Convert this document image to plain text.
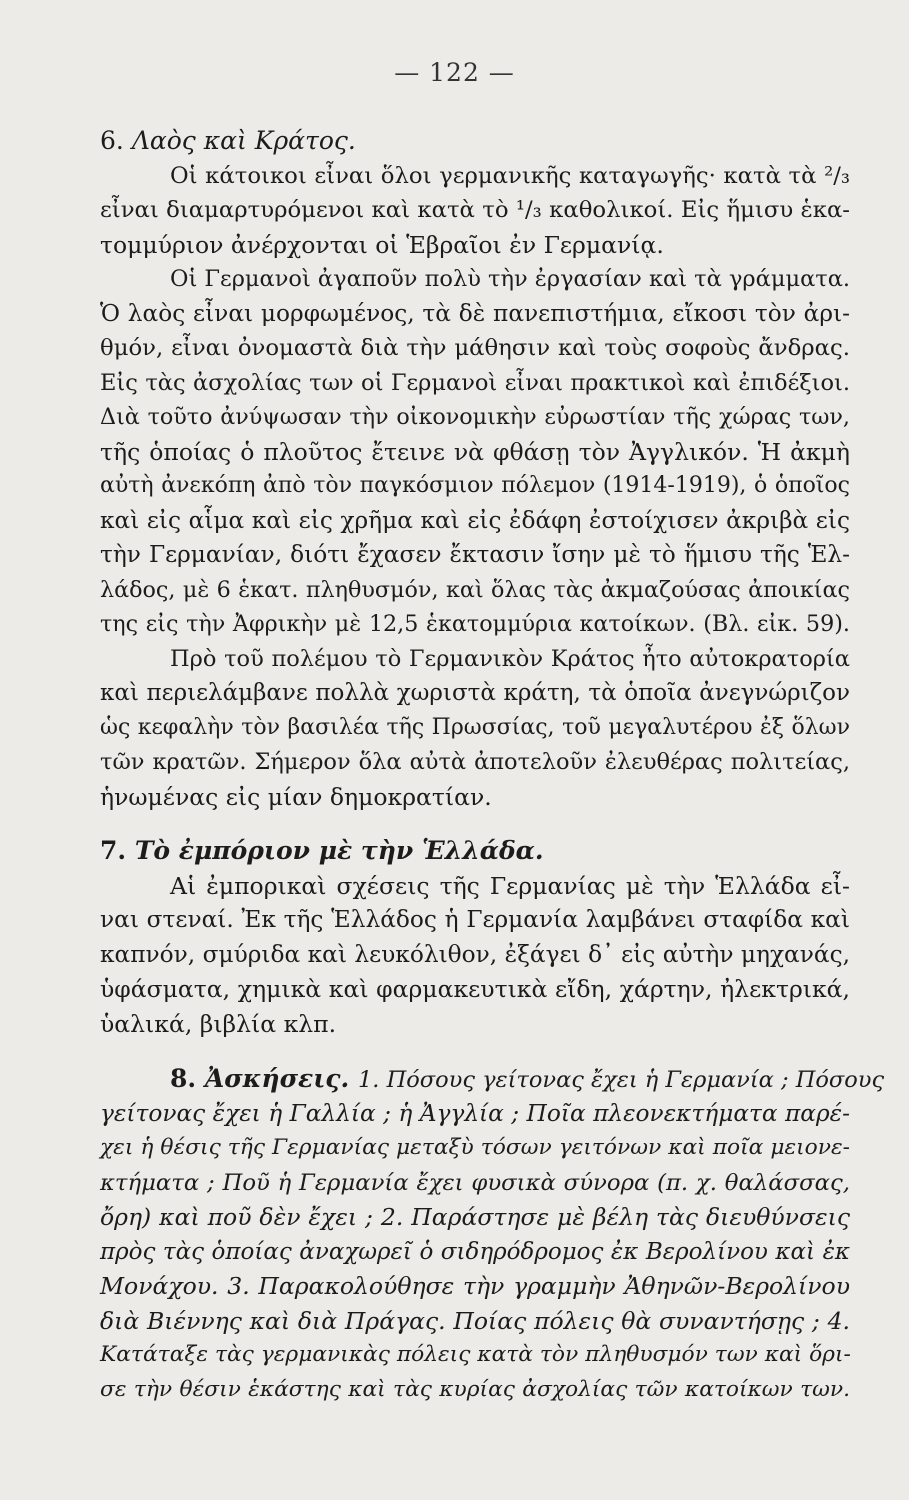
— 122 —
6. Λαὸς καὶ Κράτος.
Οἱ κάτοικοι εἶναι ὅλοι γερμανικῆς καταγωγῆς· κατὰ τὰ ²/₃
εἶναι διαμαρτυρόμενοι καὶ κατὰ τὸ ¹/₃ καθολικοί. Εἰς ἥμισυ ἑκα-
τομμύριον ἀνέρχονται οἱ Ἑβραῖοι ἐν Γερμανίᾳ.
Οἱ Γερμανοὶ ἀγαποῦν πολὺ τὴν ἐργασίαν καὶ τὰ γράμματα.
Ὁ λαὸς εἶναι μορφωμένος, τὰ δὲ πανεπιστήμια, εἴκοσι τὸν ἀρι-
θμόν, εἶναι ὀνομαστὰ διὰ τὴν μάθησιν καὶ τοὺς σοφοὺς ἄνδρας.
Εἰς τὰς ἀσχολίας των οἱ Γερμανοὶ εἶναι πρακτικοὶ καὶ ἐπιδέξιοι.
Διὰ τοῦτο ἀνύψωσαν τὴν οἰκονομικὴν εὐρωστίαν τῆς χώρας των,
τῆς ὁποίας ὁ πλοῦτος ἔτεινε νὰ φθάσῃ τὸν Ἀγγλικόν. Ἡ ἀκμὴ
αὐτὴ ἀνεκόπη ἀπὸ τὸν παγκόσμιον πόλεμον (1914-1919), ὁ ὁποῖος
καὶ εἰς αἷμα καὶ εἰς χρῆμα καὶ εἰς ἐδάφη ἐστοίχισεν ἀκριβὰ εἰς
τὴν Γερμανίαν, διότι ἔχασεν ἔκτασιν ἴσην μὲ τὸ ἥμισυ τῆς Ἑλ-
λάδος, μὲ 6 ἑκατ. πληθυσμόν, καὶ ὅλας τὰς ἀκμαζούσας ἀποικίας
της εἰς τὴν Ἀφρικὴν μὲ 12,5 ἑκατομμύρια κατοίκων. (Βλ. εἰκ. 59).
Πρὸ τοῦ πολέμου τὸ Γερμανικὸν Κράτος ἦτο αὐτοκρατορία
καὶ περιελάμβανε πολλὰ χωριστὰ κράτη, τὰ ὁποῖα ἀνεγνώριζον
ὡς κεφαλὴν τὸν βασιλέα τῆς Πρωσσίας, τοῦ μεγαλυτέρου ἐξ ὅλων
τῶν κρατῶν. Σήμερον ὅλα αὐτὰ ἀποτελοῦν ἐλευθέρας πολιτείας,
ἡνωμένας εἰς μίαν δημοκρατίαν.
7. Τὸ ἐμπόριον μὲ τὴν Ἑλλάδα.
Αἱ ἐμπορικαὶ σχέσεις τῆς Γερμανίας μὲ τὴν Ἑλλάδα εἶ-
ναι στεναί. Ἐκ τῆς Ἑλλάδος ἡ Γερμανία λαμβάνει σταφίδα καὶ
καπνόν, σμύριδα καὶ λευκόλιθον, ἐξάγει δ᾽ εἰς αὐτὴν μηχανάς,
ὑφάσματα, χημικὰ καὶ φαρμακευτικὰ εἴδη, χάρτην, ἠλεκτρικά,
ὑαλικά, βιβλία κλπ.
8. Ἀσκήσεις. 1. Πόσους γείτονας ἔχει ἡ Γερμανία ; Πόσους
γείτονας ἔχει ἡ Γαλλία ; ἡ Ἀγγλία ; Ποῖα πλεονεκτήματα παρέ-
χει ἡ θέσις τῆς Γερμανίας μεταξὺ τόσων γειτόνων καὶ ποῖα μειονε-
κτήματα ; Ποῦ ἡ Γερμανία ἔχει φυσικὰ σύνορα (π. χ. θαλάσσας,
ὄρη) καὶ ποῦ δὲν ἔχει ; 2. Παράστησε μὲ βέλη τὰς διευθύνσεις
πρὸς τὰς ὁποίας ἀναχωρεῖ ὁ σιδηρόδρομος ἐκ Βερολίνου καὶ ἐκ
Μονάχου. 3. Παρακολούθησε τὴν γραμμὴν Ἀθηνῶν-Βερολίνου
διὰ Βιέννης καὶ διὰ Πράγας. Ποίας πόλεις θὰ συναντήσῃς ; 4.
Κατάταξε τὰς γερμανικὰς πόλεις κατὰ τὸν πληθυσμόν των καὶ ὅρι-
σε τὴν θέσιν ἑκάστης καὶ τὰς κυρίας ἀσχολίας τῶν κατοίκων των.
